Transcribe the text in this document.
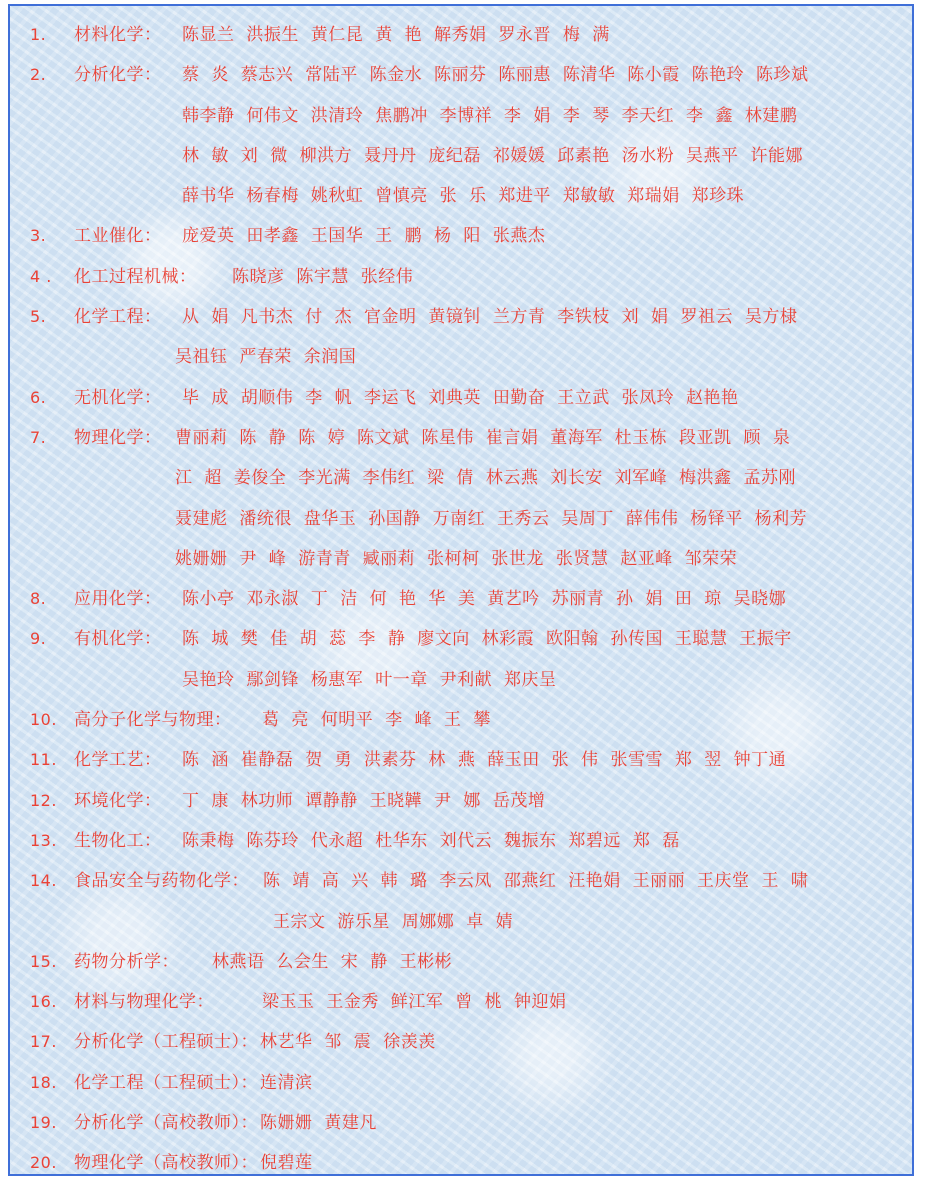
1. 材料化学： 陈显兰 洪振生 黄仁昆 黄 艳 解秀娟 罗永晋 梅 满
2. 分析化学： 蔡 炎 蔡志兴 常陆平 陈金水 陈丽芬 陈丽惠 陈清华 陈小霞 陈艳玲 陈珍斌
韩李静 何伟文 洪清玲 焦鹏冲 李博祥 李 娟 李 琴 李天红 李 鑫 林建鹏
林 敏 刘 微 柳洪方 聂丹丹 庞纪磊 祁媛媛 邱素艳 汤水粉 吴燕平 许能娜
薛书华 杨春梅 姚秋虹 曾慎亮 张 乐 郑进平 郑敏敏 郑瑞娟 郑珍珠
3. 工业催化： 庞爱英 田孝鑫 王国华 王 鹏 杨 阳 张燕杰
4 . 化工过程机械： 陈晓彦 陈宇慧 张经伟
5. 化学工程： 从 娟 凡书杰 付 杰 官金明 黄镜钊 兰方青 李铁枝 刘 娟 罗祖云 吴方棣
吴祖钰 严春荣 余润国
6. 无机化学： 毕 成 胡顺伟 李 帆 李运飞 刘典英 田勤奋 王立武 张凤玲 赵艳艳
7. 物理化学： 曹丽莉 陈 静 陈 婷 陈文斌 陈星伟 崔言娟 董海军 杜玉栋 段亚凯 顾 泉
江 超 姜俊全 李光满 李伟红 梁 倩 林云燕 刘长安 刘军峰 梅洪鑫 孟苏刚
聂建彪 潘统很 盘华玉 孙国静 万南红 王秀云 吴周丁 薛伟伟 杨铎平 杨利芳
姚姗姗 尹 峰 游青青 臧丽莉 张柯柯 张世龙 张贤慧 赵亚峰 邹荣荣
8. 应用化学： 陈小亭 邓永淑 丁 洁 何 艳 华 美 黄艺吟 苏丽青 孙 娟 田 琼 吴晓娜
9. 有机化学： 陈 城 樊 佳 胡 蕊 李 静 廖文向 林彩霞 欧阳翰 孙传国 王聪慧 王振宇
吴艳玲 鄢剑锋 杨惠军 叶一章 尹利献 郑庆呈
10. 高分子化学与物理： 葛 亮 何明平 李 峰 王 攀
11. 化学工艺： 陈 涵 崔静磊 贺 勇 洪素芬 林 燕 薛玉田 张 伟 张雪雪 郑 翌 钟丁通
12. 环境化学： 丁 康 林功师 谭静静 王晓韡 尹 娜 岳茂增
13. 生物化工： 陈秉梅 陈芬玲 代永超 杜华东 刘代云 魏振东 郑碧远 郑 磊
14. 食品安全与药物化学： 陈 靖 高 兴 韩 璐 李云凤 邵燕红 汪艳娟 王丽丽 王庆堂 王 啸
王宗文 游乐星 周娜娜 卓 婧
15. 药物分析学： 林燕语 么会生 宋 静 王彬彬
16. 材料与物理化学：	梁玉玉 王金秀 鲜江军 曾 桃 钟迎娟
17. 分析化学（工程硕士）： 林艺华 邹 震 徐羡羡
18. 化学工程（工程硕士）： 连清滨
19. 分析化学（高校教师）： 陈姗姗 黄建凡
20. 物理化学（高校教师）： 倪碧莲
